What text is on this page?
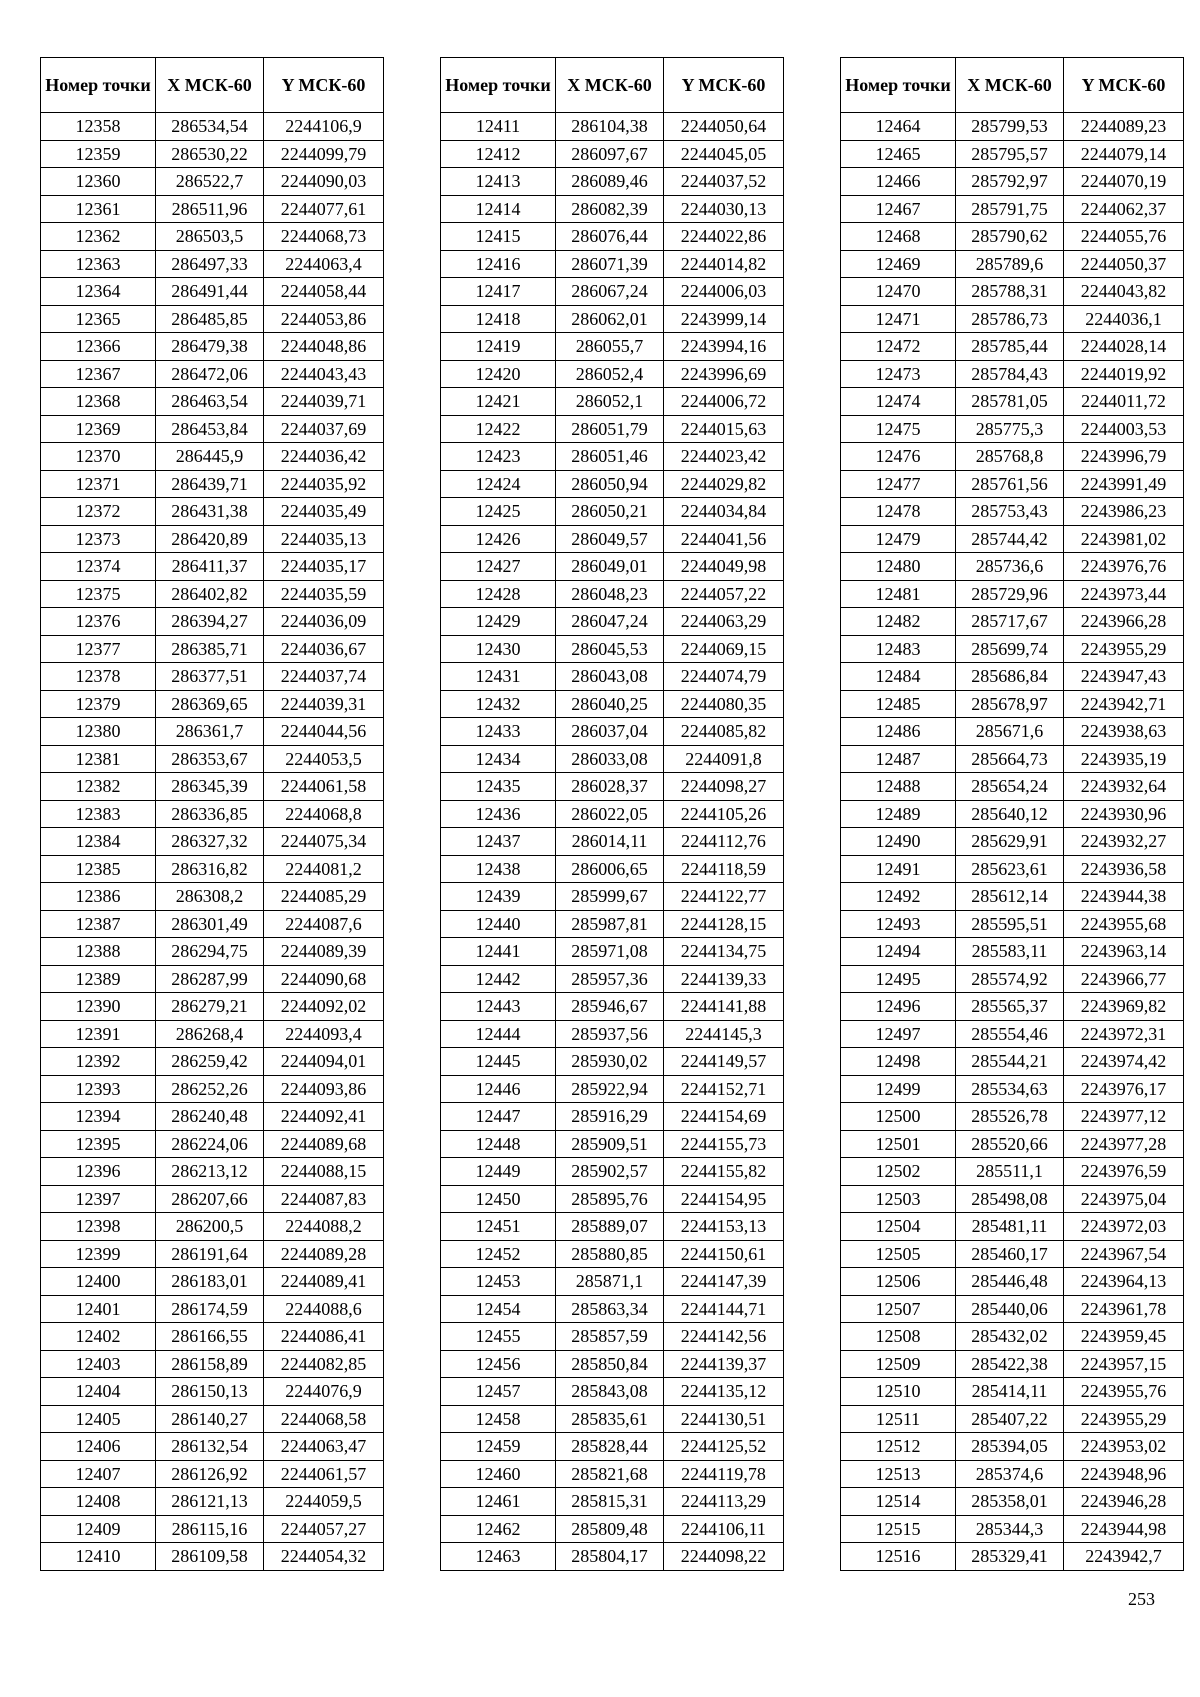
Номер точки	X МСК-60	Y МСК-60
12358	286534,54	2244106,9
12359	286530,22	2244099,79
12360	286522,7	2244090,03
12361	286511,96	2244077,61
12362	286503,5	2244068,73
12363	286497,33	2244063,4
12364	286491,44	2244058,44
12365	286485,85	2244053,86
12366	286479,38	2244048,86
12367	286472,06	2244043,43
12368	286463,54	2244039,71
12369	286453,84	2244037,69
12370	286445,9	2244036,42
12371	286439,71	2244035,92
12372	286431,38	2244035,49
12373	286420,89	2244035,13
12374	286411,37	2244035,17
12375	286402,82	2244035,59
12376	286394,27	2244036,09
12377	286385,71	2244036,67
12378	286377,51	2244037,74
12379	286369,65	2244039,31
12380	286361,7	2244044,56
12381	286353,67	2244053,5
12382	286345,39	2244061,58
12383	286336,85	2244068,8
12384	286327,32	2244075,34
12385	286316,82	2244081,2
12386	286308,2	2244085,29
12387	286301,49	2244087,6
12388	286294,75	2244089,39
12389	286287,99	2244090,68
12390	286279,21	2244092,02
12391	286268,4	2244093,4
12392	286259,42	2244094,01
12393	286252,26	2244093,86
12394	286240,48	2244092,41
12395	286224,06	2244089,68
12396	286213,12	2244088,15
12397	286207,66	2244087,83
12398	286200,5	2244088,2
12399	286191,64	2244089,28
12400	286183,01	2244089,41
12401	286174,59	2244088,6
12402	286166,55	2244086,41
12403	286158,89	2244082,85
12404	286150,13	2244076,9
12405	286140,27	2244068,58
12406	286132,54	2244063,47
12407	286126,92	2244061,57
12408	286121,13	2244059,5
12409	286115,16	2244057,27
12410	286109,58	2244054,32
Номер точки	X МСК-60	Y МСК-60
12411	286104,38	2244050,64
12412	286097,67	2244045,05
12413	286089,46	2244037,52
12414	286082,39	2244030,13
12415	286076,44	2244022,86
12416	286071,39	2244014,82
12417	286067,24	2244006,03
12418	286062,01	2243999,14
12419	286055,7	2243994,16
12420	286052,4	2243996,69
12421	286052,1	2244006,72
12422	286051,79	2244015,63
12423	286051,46	2244023,42
12424	286050,94	2244029,82
12425	286050,21	2244034,84
12426	286049,57	2244041,56
12427	286049,01	2244049,98
12428	286048,23	2244057,22
12429	286047,24	2244063,29
12430	286045,53	2244069,15
12431	286043,08	2244074,79
12432	286040,25	2244080,35
12433	286037,04	2244085,82
12434	286033,08	2244091,8
12435	286028,37	2244098,27
12436	286022,05	2244105,26
12437	286014,11	2244112,76
12438	286006,65	2244118,59
12439	285999,67	2244122,77
12440	285987,81	2244128,15
12441	285971,08	2244134,75
12442	285957,36	2244139,33
12443	285946,67	2244141,88
12444	285937,56	2244145,3
12445	285930,02	2244149,57
12446	285922,94	2244152,71
12447	285916,29	2244154,69
12448	285909,51	2244155,73
12449	285902,57	2244155,82
12450	285895,76	2244154,95
12451	285889,07	2244153,13
12452	285880,85	2244150,61
12453	285871,1	2244147,39
12454	285863,34	2244144,71
12455	285857,59	2244142,56
12456	285850,84	2244139,37
12457	285843,08	2244135,12
12458	285835,61	2244130,51
12459	285828,44	2244125,52
12460	285821,68	2244119,78
12461	285815,31	2244113,29
12462	285809,48	2244106,11
12463	285804,17	2244098,22
Номер точки	X МСК-60	Y МСК-60
12464	285799,53	2244089,23
12465	285795,57	2244079,14
12466	285792,97	2244070,19
12467	285791,75	2244062,37
12468	285790,62	2244055,76
12469	285789,6	2244050,37
12470	285788,31	2244043,82
12471	285786,73	2244036,1
12472	285785,44	2244028,14
12473	285784,43	2244019,92
12474	285781,05	2244011,72
12475	285775,3	2244003,53
12476	285768,8	2243996,79
12477	285761,56	2243991,49
12478	285753,43	2243986,23
12479	285744,42	2243981,02
12480	285736,6	2243976,76
12481	285729,96	2243973,44
12482	285717,67	2243966,28
12483	285699,74	2243955,29
12484	285686,84	2243947,43
12485	285678,97	2243942,71
12486	285671,6	2243938,63
12487	285664,73	2243935,19
12488	285654,24	2243932,64
12489	285640,12	2243930,96
12490	285629,91	2243932,27
12491	285623,61	2243936,58
12492	285612,14	2243944,38
12493	285595,51	2243955,68
12494	285583,11	2243963,14
12495	285574,92	2243966,77
12496	285565,37	2243969,82
12497	285554,46	2243972,31
12498	285544,21	2243974,42
12499	285534,63	2243976,17
12500	285526,78	2243977,12
12501	285520,66	2243977,28
12502	285511,1	2243976,59
12503	285498,08	2243975,04
12504	285481,11	2243972,03
12505	285460,17	2243967,54
12506	285446,48	2243964,13
12507	285440,06	2243961,78
12508	285432,02	2243959,45
12509	285422,38	2243957,15
12510	285414,11	2243955,76
12511	285407,22	2243955,29
12512	285394,05	2243953,02
12513	285374,6	2243948,96
12514	285358,01	2243946,28
12515	285344,3	2243944,98
12516	285329,41	2243942,7
253
